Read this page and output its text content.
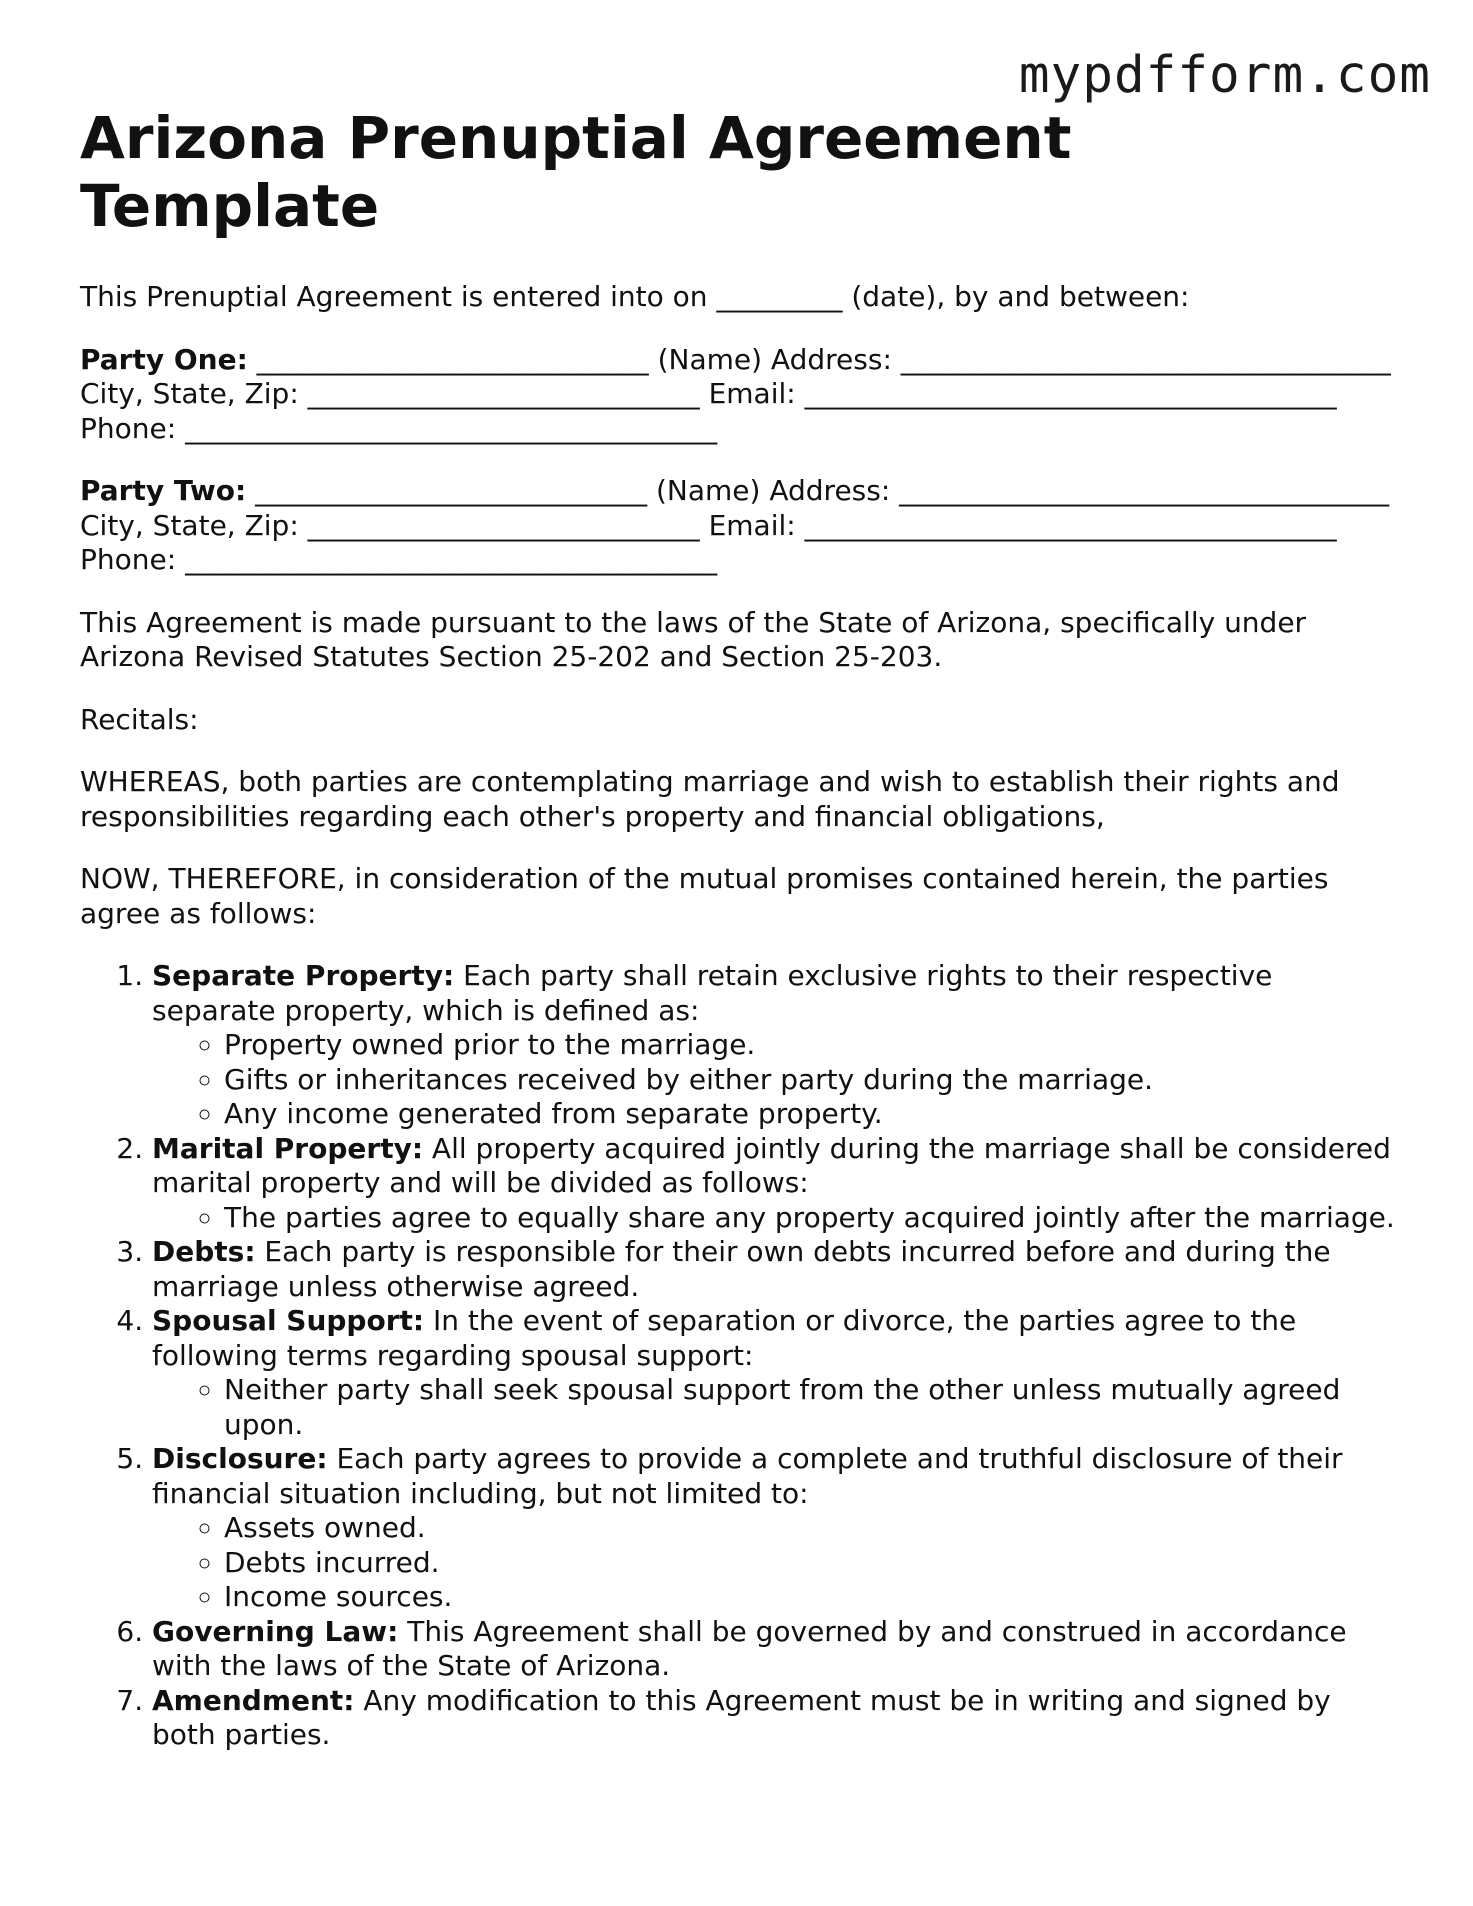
mypdfform.com
Arizona Prenuptial Agreement Template

This Prenuptial Agreement is entered into on _________ (date), by and between:

Party One: ____________________________ (Name) Address: ___________________________________ City, State, Zip: ____________________________ Email: ______________________________________ Phone: ______________________________________

Party Two: ____________________________ (Name) Address: ___________________________________ City, State, Zip: ____________________________ Email: ______________________________________ Phone: ______________________________________

This Agreement is made pursuant to the laws of the State of Arizona, specifically under Arizona Revised Statutes Section 25-202 and Section 25-203.

Recitals:

WHEREAS, both parties are contemplating marriage and wish to establish their rights and responsibilities regarding each other's property and financial obligations,

NOW, THEREFORE, in consideration of the mutual promises contained herein, the parties agree as follows:

1. Separate Property: Each party shall retain exclusive rights to their respective separate property, which is defined as:
◦ Property owned prior to the marriage.
◦ Gifts or inheritances received by either party during the marriage.
◦ Any income generated from separate property.
2. Marital Property: All property acquired jointly during the marriage shall be considered marital property and will be divided as follows:
◦ The parties agree to equally share any property acquired jointly after the marriage.
3. Debts: Each party is responsible for their own debts incurred before and during the marriage unless otherwise agreed.
4. Spousal Support: In the event of separation or divorce, the parties agree to the following terms regarding spousal support:
◦ Neither party shall seek spousal support from the other unless mutually agreed upon.
5. Disclosure: Each party agrees to provide a complete and truthful disclosure of their financial situation including, but not limited to:
◦ Assets owned.
◦ Debts incurred.
◦ Income sources.
6. Governing Law: This Agreement shall be governed by and construed in accordance with the laws of the State of Arizona.
7. Amendment: Any modification to this Agreement must be in writing and signed by both parties.
